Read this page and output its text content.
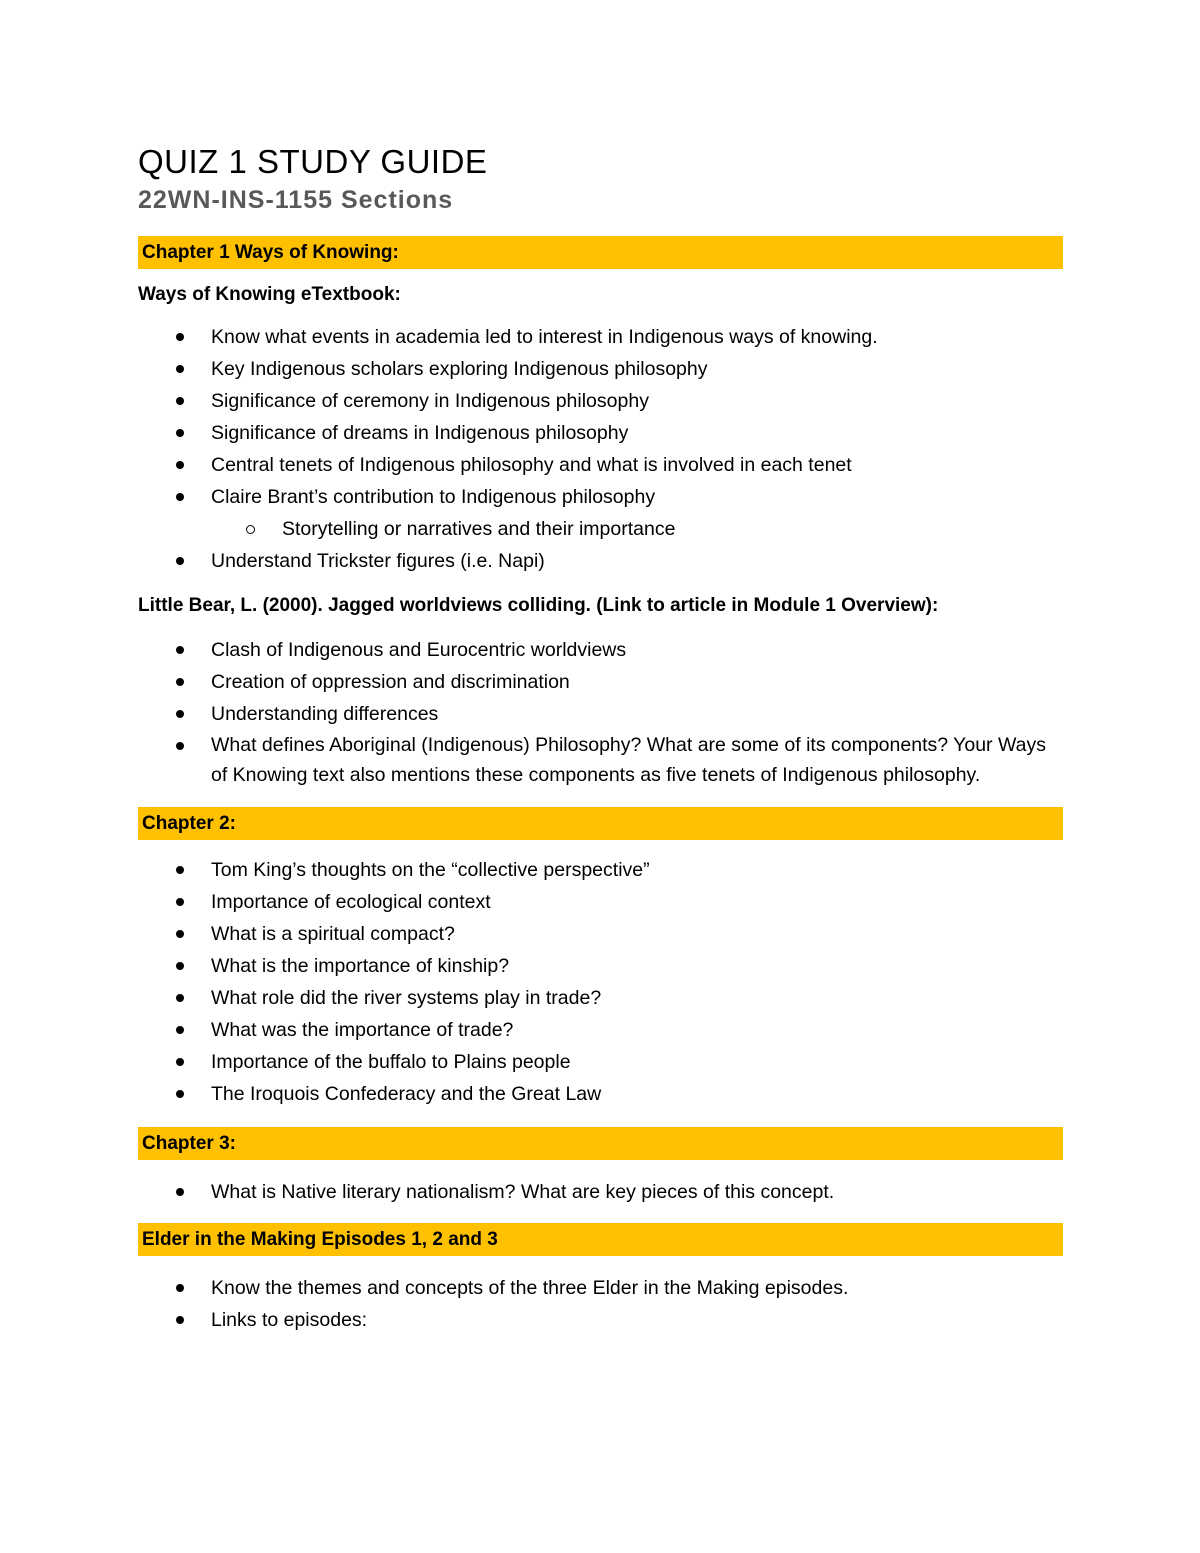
QUIZ 1 STUDY GUIDE
22WN-INS-1155 Sections
Chapter 1 Ways of Knowing:
Ways of Knowing eTextbook:
Know what events in academia led to interest in Indigenous ways of knowing.
Key Indigenous scholars exploring Indigenous philosophy
Significance of ceremony in Indigenous philosophy
Significance of dreams in Indigenous philosophy
Central tenets of Indigenous philosophy and what is involved in each tenet
Claire Brant’s contribution to Indigenous philosophy
Storytelling or narratives and their importance
Understand Trickster figures (i.e. Napi)
Little Bear, L. (2000). Jagged worldviews colliding. (Link to article in Module 1 Overview):
Clash of Indigenous and Eurocentric worldviews
Creation of oppression and discrimination
Understanding differences
What defines Aboriginal (Indigenous) Philosophy? What are some of its components? Your Ways of Knowing text also mentions these components as five tenets of Indigenous philosophy.
Chapter 2:
Tom King’s thoughts on the “collective perspective”
Importance of ecological context
What is a spiritual compact?
What is the importance of kinship?
What role did the river systems play in trade?
What was the importance of trade?
Importance of the buffalo to Plains people
The Iroquois Confederacy and the Great Law
Chapter 3:
What is Native literary nationalism? What are key pieces of this concept.
Elder in the Making Episodes 1, 2 and 3
Know the themes and concepts of the three Elder in the Making episodes.
Links to episodes:
